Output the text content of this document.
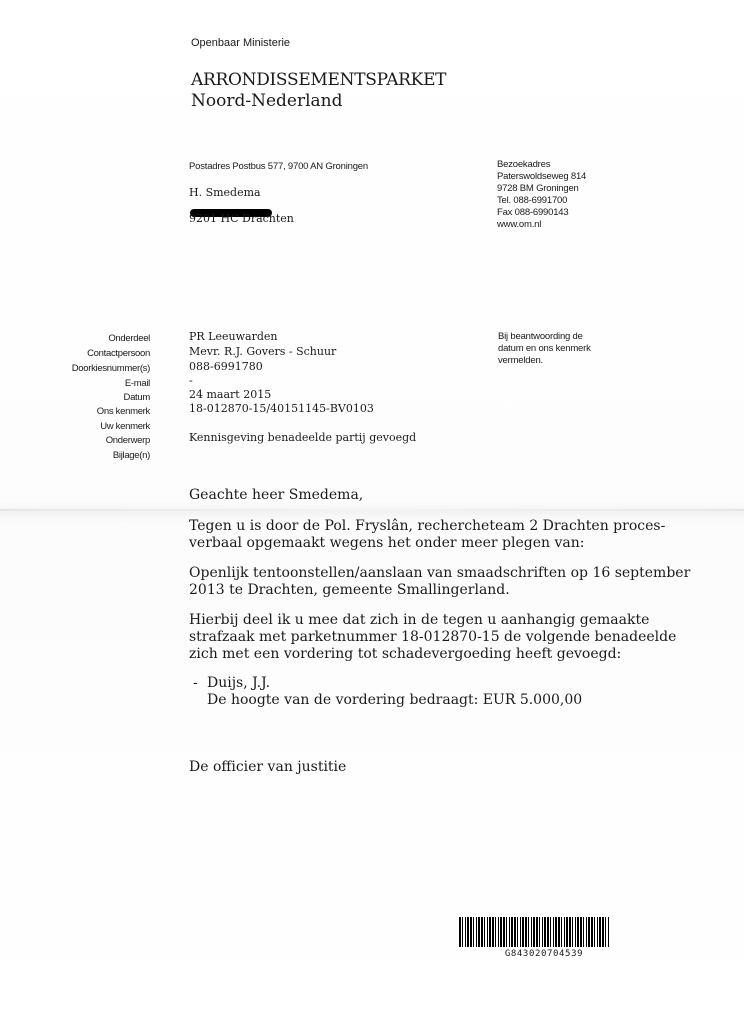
Openbaar Ministerie
ARRONDISSEMENTSPARKET
Noord-Nederland
Postadres Postbus 577, 9700 AN Groningen
H. Smedema
9201 HC Drachten
Bezoekadres
Paterswoldseweg 814
9728 BM Groningen
Tel. 088-6991700
Fax 088-6990143
www.om.nl
Onderdeel
Contactpersoon
Doorkiesnummer(s)
E-mail
Datum
Ons kenmerk
Uw kenmerk
Onderwerp
Bijlage(n)
PR Leeuwarden
Mevr. R.J. Govers - Schuur
088-6991780
-
24 maart 2015
18-012870-15/40151145-BV0103
Kennisgeving benadeelde partij gevoegd
Bij beantwoording de
datum en ons kenmerk
vermelden.
Geachte heer Smedema,
Tegen u is door de Pol. Fryslân, rechercheteam 2 Drachten proces-
verbaal opgemaakt wegens het onder meer plegen van:
Openlijk tentoonstellen/aanslaan van smaadschriften op 16 september
2013 te Drachten, gemeente Smallingerland.
Hierbij deel ik u mee dat zich in de tegen u aanhangig gemaakte
strafzaak met parketnummer 18-012870-15 de volgende benadeelde
zich met een vordering tot schadevergoeding heeft gevoegd:
- Duijs, J.J.
De hoogte van de vordering bedraagt: EUR 5.000,00
De officier van justitie
G843020704539
